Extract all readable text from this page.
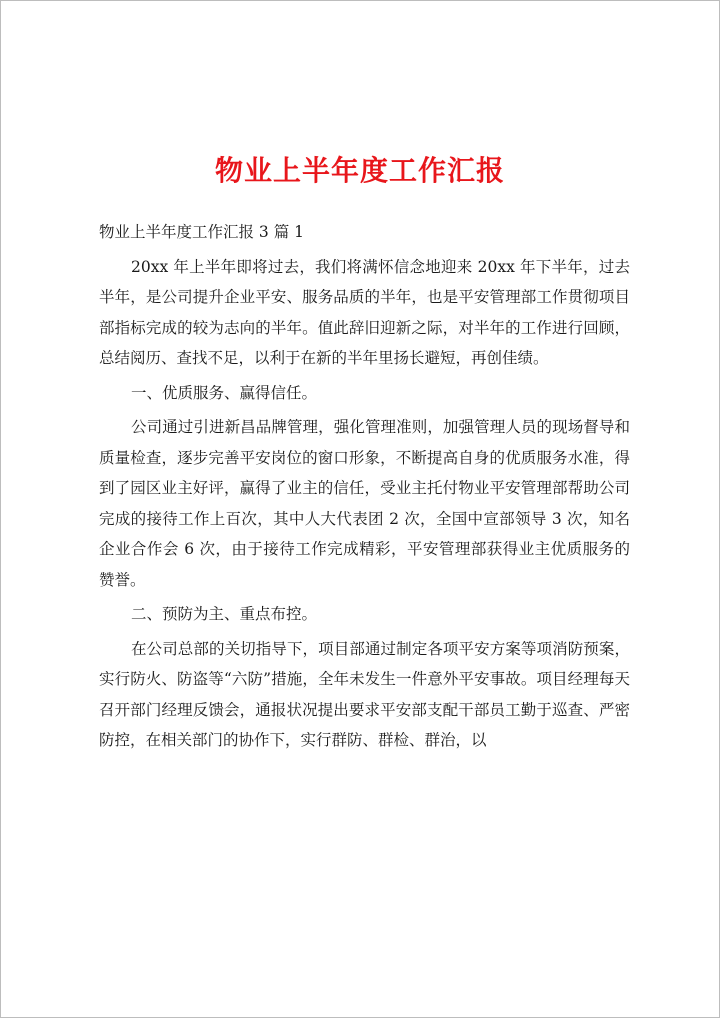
物业上半年度工作汇报

物业上半年度工作汇报 3 篇 1

20xx 年上半年即将过去，我们将满怀信念地迎来 20xx 年下半年，过去半年，是公司提升企业平安、服务品质的半年，也是平安管理部工作贯彻项目部指标完成的较为志向的半年。值此辞旧迎新之际，对半年的工作进行回顾，总结阅历、查找不足，以利于在新的半年里扬长避短，再创佳绩。

一、优质服务、赢得信任。

公司通过引进新昌品牌管理，强化管理准则，加强管理人员的现场督导和质量检查，逐步完善平安岗位的窗口形象，不断提高自身的优质服务水准，得到了园区业主好评，赢得了业主的信任，受业主托付物业平安管理部帮助公司完成的接待工作上百次，其中人大代表团 2 次，全国中宣部领导 3 次，知名企业合作会 6 次，由于接待工作完成精彩，平安管理部获得业主优质服务的赞誉。

二、预防为主、重点布控。

在公司总部的关切指导下，项目部通过制定各项平安方案等项消防预案，实行防火、防盗等“六防”措施，全年未发生一件意外平安事故。项目经理每天召开部门经理反馈会，通报状况提出要求平安部支配干部员工勤于巡查、严密防控，在相关部门的协作下，实行群防、群检、群治，以
